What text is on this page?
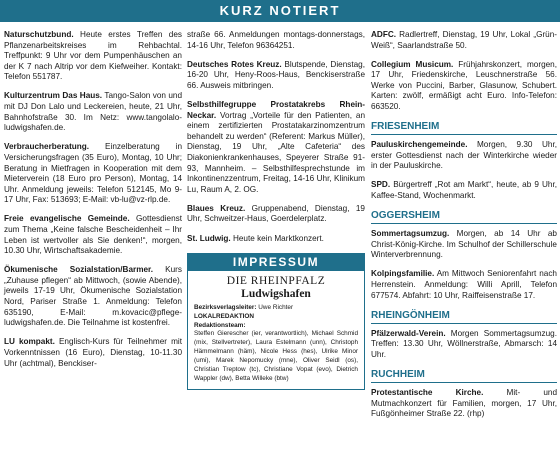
KURZ NOTIERT

Naturschutzbund. Heute erstes Treffen des Pflanzenarbeitskreises im Rehbachtal. Treffpunkt: 9 Uhr vor dem Pumpenhäuschen an der K 7 nach Altrip vor dem Kiefweiher. Kontakt: Telefon 551787.

Kulturzentrum Das Haus. Tango-Salon von und mit DJ Don Lalo und Leckereien, heute, 21 Uhr, Bahnhofstraße 30. Im Netz: www.tangolalo-ludwigshafen.de.

Verbraucherberatung. Einzelberatung in Versicherungsfragen (35 Euro), Montag, 10 Uhr; Beratung in Mietfragen in Kooperation mit dem Mieterverein (18 Euro pro Person), Montag, 14 Uhr. Anmeldung jeweils: Telefon 512145, Mo 9-17 Uhr, Fax: 513693; E-Mail: vb-lu@vz-rlp.de.

Freie evangelische Gemeinde. Gottesdienst zum Thema „Keine falsche Bescheidenheit – Ihr Leben ist wertvoller als Sie denken!“, morgen, 10.30 Uhr, Wirtschaftsakademie.

Ökumenische Sozialstation/Barmer. Kurs „Zuhause pflegen“ ab Mittwoch, (sowie Abende), jeweils 17-19 Uhr, Ökumenische Sozialstation Nord, Pariser Straße 1. Anmeldung: Telefon 635190, E-Mail: m.kovacic@pflege-ludwigshafen.de. Die Teilnahme ist kostenfrei.

LU kompakt. Englisch-Kurs für Teilnehmer mit Vorkenntnissen (16 Euro), Dienstag, 10-11.30 Uhr (achtmal), Benckiser-

straße 66. Anmeldungen montags-donnerstags, 14-16 Uhr, Telefon 96364251.

Deutsches Rotes Kreuz. Blutspende, Dienstag, 16-20 Uhr, Heny-Roos-Haus, Benckiserstraße 66. Ausweis mitbringen.

Selbsthilfegruppe Prostatakrebs Rhein-Neckar. Vortrag „Vorteile für den Patienten, an einem zertifizierten Prostatakarzinomzentrum behandelt zu werden“ (Referent: Markus Müller), Dienstag, 19 Uhr, „Alte Cafeteria“ des Diakonienkrankenhauses, Speyerer Straße 91-93, Mannheim. – Selbsthilfesprechstunde im Inkontinenzzentrum, Freitag, 14-16 Uhr, Klinikum Lu, Raum A, 2. OG.

Blaues Kreuz. Gruppenabend, Dienstag, 19 Uhr, Schweitzer-Haus, Goerdelerplatz.

St. Ludwig. Heute kein Marktkonzert.

IMPRESSUM
DIE RHEINPFALZ
Ludwigshafen
Bezirksverlagsleiter: Uwe Richter
LOKALREDAKTION
Redaktionsteam:
Steffen Gierescher (ier, verantwortlich), Michael Schmid (mix, Stellvertreter), Laura Estelmann (unn), Christoph Hämmelmann (häm), Nicole Hess (hes), Ulrike Minor (umi), Marek Nepomucky (mne), Oliver Seidl (os), Christian Treptow (tc), Christiane Vopat (evo), Dietrich Wappler (dw), Betta Willeke (btw)

ADFC. Radlertreff, Dienstag, 19 Uhr, Lokal „Grün-Weiß“, Saarlandstraße 50.

Collegium Musicum. Frühjahrskonzert, morgen, 17 Uhr, Friedenskirche, Leuschnerstraße 56. Werke von Puccini, Barber, Glasunow, Schubert. Karten: zwölf, ermäßigt acht Euro. Info-Telefon: 663520.

FRIESENHEIM

Pauluskirchengemeinde. Morgen, 9.30 Uhr, erster Gottesdienst nach der Winterkirche wieder in der Pauluskirche.

SPD. Bürgertreff „Rot am Markt“, heute, ab 9 Uhr, Kaffee-Stand, Wochenmarkt.

OGGERSHEIM

Sommertagsumzug. Morgen, ab 14 Uhr ab Christ-König-Kirche. Im Schulhof der Schillerschule Winterverbrennung.

Kolpingsfamilie. Am Mittwoch Seniorenfahrt nach Herrenstein. Anmeldung: Willi Aprill, Telefon 677574. Abfahrt: 10 Uhr, Raiffeisenstraße 17.

RHEINGÖNHEIM

Pfälzerwald-Verein. Morgen Sommertagsumzug. Treffen: 13.30 Uhr, Wöllnerstraße, Abmarsch: 14 Uhr.

RUCHHEIM

Protestantische Kirche. Mit- und Mutmachkonzert für Familien, morgen, 17 Uhr, Fußgönheimer Straße 22. (rhp)
